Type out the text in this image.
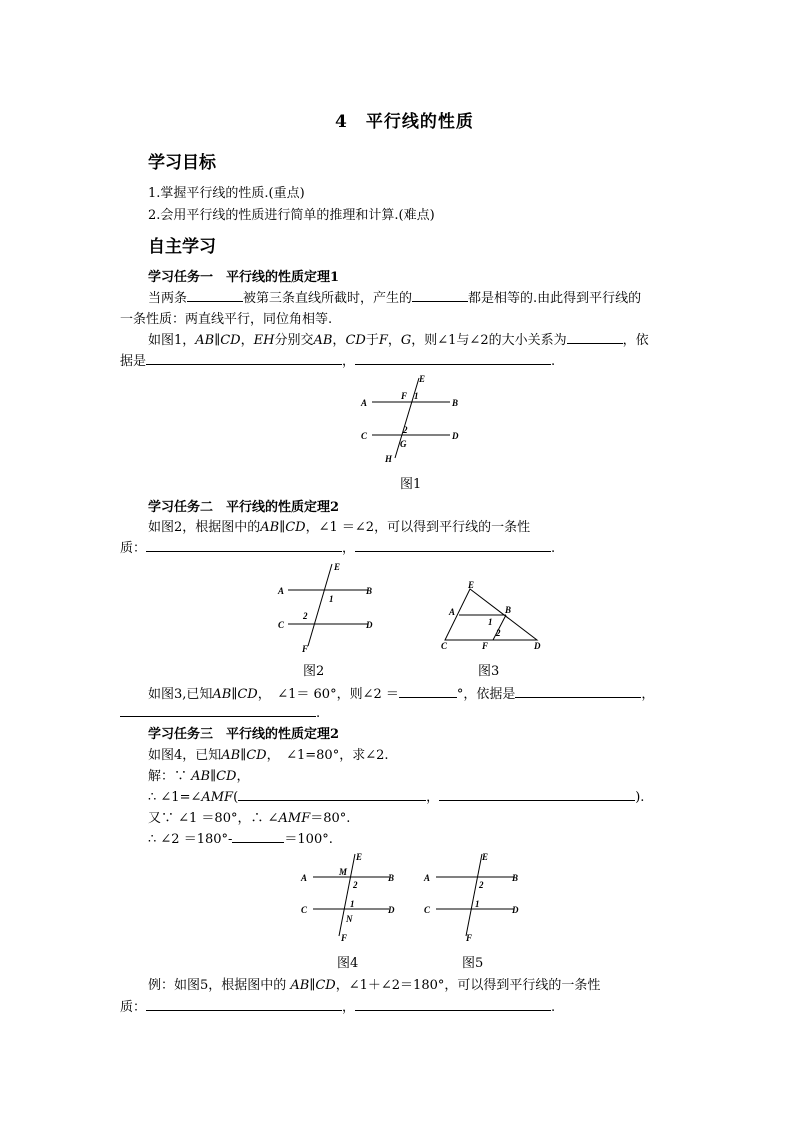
4　平行线的性质
学习目标
1.掌握平行线的性质.(重点)
2.会用平行线的性质进行简单的推理和计算.(难点)
自主学习
学习任务一　平行线的性质定理1
当两条	被第三条直线所截时，产生的	都是相等的.由此得到平行线的
一条性质：两直线平行，同位角相等.
如图1，AB∥CD，EH分别交AB，CD于F，G，则∠1与∠2的大小关系为	，依
据是	，	.
A	B
C	D
E
F
G
H
1
2
图1
学习任务二　平行线的性质定理2
如图2，根据图中的AB∥CD，∠1 ＝∠2，可以得到平行线的一条性
质：	，	.
A	B
C	D
E
F
1
2
图2
E
A	B
C	F	D
1
2
图3
如图3,已知AB∥CD，　∠1＝ 60°，则∠2 ＝	°，依据是	，
.
学习任务三　平行线的性质定理2
如图4，已知AB∥CD，　∠1=80°，求∠2.
解：∵ AB∥CD，
∴ ∠1=∠AMF(	，	).
又∵ ∠1 ＝80°，∴ ∠AMF＝80°.
∴ ∠2 ＝180°-	＝100°.
A	B
C	D
E
F
M
N
2
1
图4
A	B
C	D
E
F
2
1
图5
例：如图5，根据图中的 AB∥CD，∠1＋∠2＝180°，可以得到平行线的一条性
质：	，	.
